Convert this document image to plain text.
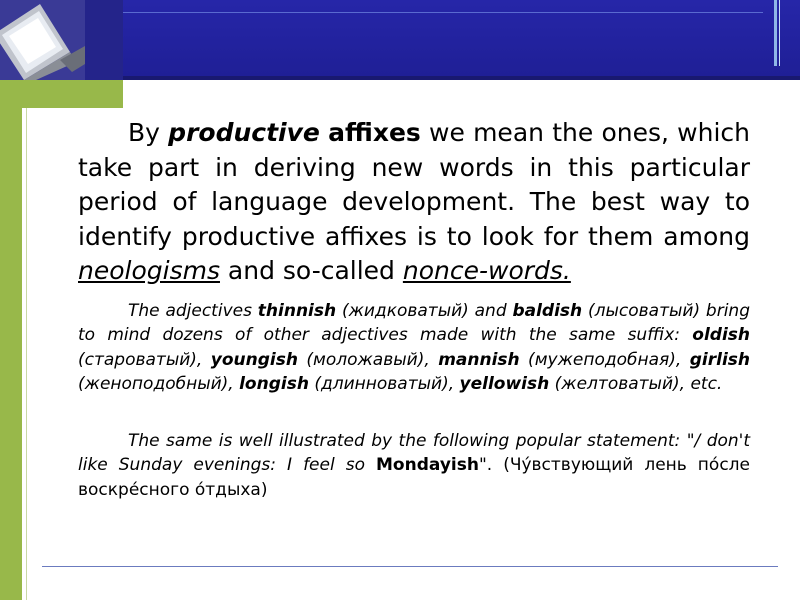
By productive affixes we mean the ones, which take part in deriving new words in this particular period of language development. The best way to identify productive affixes is to look for them among neologisms and so-called nonce-words.

The adjectives thinnish (жидковатый) and baldish (лысоватый) bring to mind dozens of other adjectives made with the same suffix: oldish (староватый), youngish (моложавый), mannish (мужеподобная), girlish (женоподобный), longish (длинноватый), yellowish (желтоватый), etc.

The same is well illustrated by the following popular statement: "/ don't like Sunday evenings: I feel so Mondayish". (Чу́вствующий лень по́сле воскре́сного о́тдыха)
